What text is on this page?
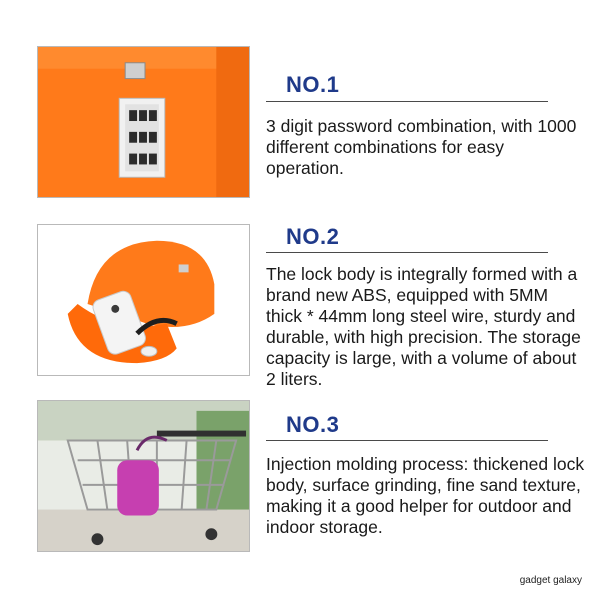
NO.1

3 digit password combination, with 1000 different combinations for easy operation.

NO.2

The lock body is integrally formed with a brand new ABS, equipped with 5MM thick * 44mm long steel wire, sturdy and durable, with high precision. The storage capacity is large, with a volume of about 2 liters.

NO.3

Injection molding process: thickened lock body, surface grinding, fine sand texture, making it a good helper for outdoor and indoor storage.

gadget galaxy
